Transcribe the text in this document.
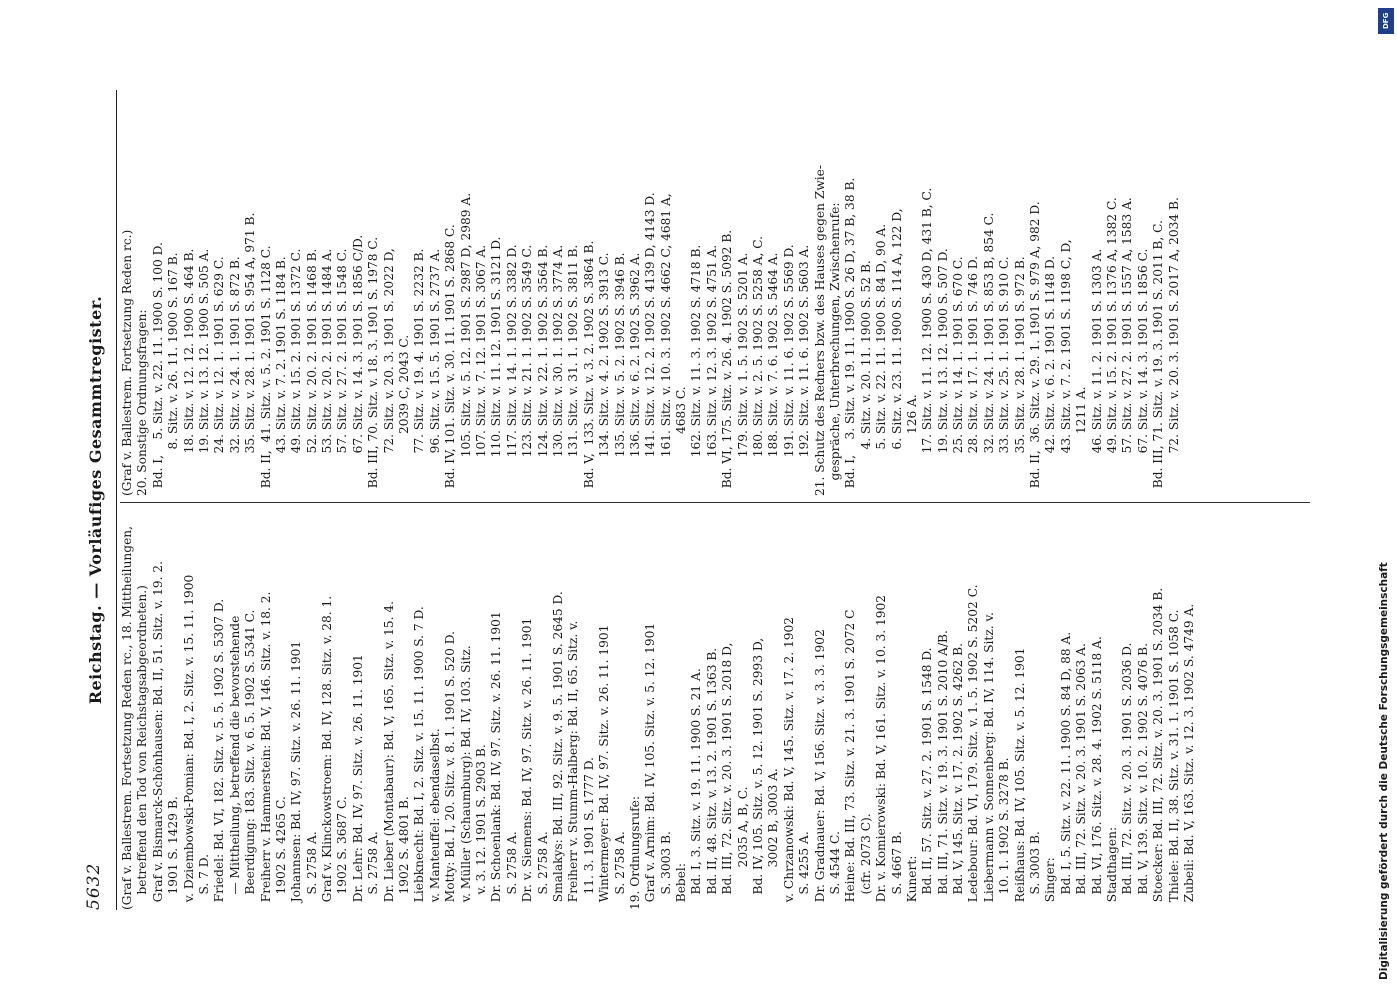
5632
Reichstag. — Vorläufiges Gesammtregister.
(Graf v. Ballestrem. Fortsetzung Reden rc., 18. Mittheilungen, betreffend den Tod von Reichstagsabgeordneten.) Graf v. Bismarck-Schönhausen: Bd. II, 51. Sitz. v. 19. 2. 1901 S. 1429 B. v. Dziembowski-Pomian: Bd. I, 2. Sitz. v. 15. 11. 1900 S. 7 D. Friedel: Bd. VI, 182. Sitz. v. 5. 5. 1902 S. 5307 D. — Mittheilung, betreffend die bevorstehende Beerdigung: 183. Sitz. v. 6. 5. 1902 S. 5341 C. Freiherr v. Hammerstein: Bd. V, 146. Sitz. v. 18. 2. 1902 S. 4265 C. Johannsen: Bd. IV, 97. Sitz. v. 26. 11. 1901 S. 2758 A. Graf v. Klinckowstroem: Bd. IV, 128. Sitz. v. 28. 1. 1902 S. 3687 C. Dr. Lehr: Bd. IV, 97. Sitz. v. 26. 11. 1901 S. 2758 A. Dr. Lieber (Montabaur): Bd. V, 165. Sitz. v. 15. 4. 1902 S. 4801 B. Liebknecht: Bd. I, 2. Sitz. v. 15. 11. 1900 S. 7 D. v. Manteuffel: ebendaselbst. Motty: Bd. I, 20. Sitz. v. 8. 1. 1901 S. 520 D. v. Müller (Schaumburg): Bd. IV, 103. Sitz. v. 3. 12. 1901 S. 2903 B. Dr. Schoenlank: Bd. IV, 97. Sitz. v. 26. 11. 1901 S. 2758 A. Dr. v. Siemens: Bd. IV, 97. Sitz. v. 26. 11. 1901 S. 2758 A. Smalakys: Bd. III, 92. Sitz. v. 9. 5. 1901 S. 2645 D. Freiherr v. Stumm-Halberg: Bd. II, 65. Sitz. v. 11. 3. 1901 S. 1777 D. Wintermeyer: Bd. IV, 97. Sitz. v. 26. 11. 1901 S. 2758 A. 19. Ordnungsrufe: Graf v. Arnim: Bd. IV, 105. Sitz. v. 5. 12. 1901 S. 3003 B. Bebel: Bd. I, 3. Sitz. v. 19. 11. 1900 S. 21 A. Bd. II, 48. Sitz. v. 13. 2. 1901 S. 1363 B. Bd. III, 72. Sitz. v. 20. 3. 1901 S. 2018 D, 2035 A, B, C. Bd. IV, 105. Sitz. v. 5. 12. 1901 S. 2993 D, 3002 B, 3003 A. v. Chrzanowski: Bd. V, 145. Sitz. v. 17. 2. 1902 S. 4255 A. Dr. Gradnauer: Bd. V, 156. Sitz. v. 3. 3. 1902 S. 4544 C. Heine: Bd. III, 73. Sitz. v. 21. 3. 1901 S. 2072 C (cfr. 2073 C). Dr. v. Komierowski: Bd. V, 161. Sitz. v. 10. 3. 1902 S. 4667 B. Kunert: Bd. II, 57. Sitz. v. 27. 2. 1901 S. 1548 D. Bd. III, 71. Sitz. v. 19. 3. 1901 S. 2010 A/B. Bd. V, 145. Sitz. v. 17. 2. 1902 S. 4262 B. Ledebour: Bd. VI, 179. Sitz. v. 1. 5. 1902 S. 5202 C. Liebermann v. Sonnenberg: Bd. IV, 114. Sitz. v. 10. 1. 1902 S. 3278 B. Reißhaus: Bd. IV, 105. Sitz. v. 5. 12. 1901 S. 3003 B. Singer: Bd. I, 5. Sitz. v. 22. 11. 1900 S. 84 D, 88 A. Bd. III, 72. Sitz. v. 20. 3. 1901 S. 2063 A. Bd. VI, 176. Sitz. v. 28. 4. 1902 S. 5118 A. Stadthagen: Bd. III, 72. Sitz. v. 20. 3. 1901 S. 2036 D. Bd. V, 139. Sitz. v. 10. 2. 1902 S. 4076 B. Stoecker: Bd. III, 72. Sitz. v. 20. 3. 1901 S. 2034 B. Thiele: Bd. II, 38. Sitz. v. 31. 1. 1901 S. 1058 C. Zubeil: Bd. V, 163. Sitz. v. 12. 3. 1902 S. 4749 A.
(Graf v. Ballestrem. Fortsetzung Reden rc.) 20. Sonstige Ordnungsfragen: Bd. I,    5. Sitz. v. 22. 11. 1900 S. 100 D. 8. Sitz. v. 26. 11. 1900 S. 167 B. 18. Sitz. v. 12. 12. 1900 S. 464 B. 19. Sitz. v. 13. 12. 1900 S. 505 A. 24. Sitz. v. 12. 1. 1901 S. 629 C. 32. Sitz. v. 24. 1. 1901 S. 872 B. 35. Sitz. v. 28. 1. 1901 S. 954 A, 971 B. Bd. II,  41. Sitz. v. 5. 2. 1901 S. 1128 C. 43. Sitz. v. 7. 2. 1901 S. 1184 B. 49. Sitz. v. 15. 2. 1901 S. 1372 C. 52. Sitz. v. 20. 2. 1901 S. 1468 B. 53. Sitz. v. 20. 2. 1901 S. 1484 A. 57. Sitz. v. 27. 2. 1901 S. 1548 C. 67. Sitz. v. 14. 3. 1901 S. 1856 C/D. Bd. III, 70. Sitz. v. 18. 3. 1901 S. 1978 C. 72. Sitz. v. 20. 3. 1901 S. 2022 D, 2039 C, 2043 C. 77. Sitz. v. 19. 4. 1901 S. 2232 B. 96. Sitz. v. 15. 5. 1901 S. 2737 A. Bd. IV, 101. Sitz. v. 30. 11. 1901 S. 2868 C. 105. Sitz. v. 5. 12. 1901 S. 2987 D, 2989 A. 107. Sitz. v. 7. 12. 1901 S. 3067 A. 110. Sitz. v. 11. 12. 1901 S. 3121 D. 117. Sitz. v. 14. 1. 1902 S. 3382 D. 123. Sitz. v. 21. 1. 1902 S. 3549 C. 124. Sitz. v. 22. 1. 1902 S. 3564 B. 130. Sitz. v. 30. 1. 1902 S. 3774 A. 131. Sitz. v. 31. 1. 1902 S. 3811 B. Bd. V,  133. Sitz. v. 3. 2. 1902 S. 3864 B. 134. Sitz. v. 4. 2. 1902 S. 3913 C. 135. Sitz. v. 5. 2. 1902 S. 3946 B. 136. Sitz. v. 6. 2. 1902 S. 3962 A. 141. Sitz. v. 12. 2. 1902 S. 4139 D, 4143 D. 161. Sitz. v. 10. 3. 1902 S. 4662 C, 4681 A, 4683 C. 162. Sitz. v. 11. 3. 1902 S. 4718 B. 163. Sitz. v. 12. 3. 1902 S. 4751 A. Bd. VI, 175. Sitz. v. 26. 4. 1902 S. 5092 B. 179. Sitz. v. 1. 5. 1902 S. 5201 A. 180. Sitz. v. 2. 5. 1902 S. 5258 A, C. 188. Sitz. v. 7. 6. 1902 S. 5464 A. 191. Sitz. v. 11. 6. 1902 S. 5569 D. 192. Sitz. v. 11. 6. 1902 S. 5603 A. 21. Schutz des Redners bzw. des Hauses gegen Zwie- gespräche, Unterbrechungen, Zwischenrufe: Bd. I,    3. Sitz. v. 19. 11. 1900 S. 26 D, 37 B, 38 B. 4. Sitz. v. 20. 11. 1900 S. 52 B. 5. Sitz. v. 22. 11. 1900 S. 84 D, 90 A. 6. Sitz. v. 23. 11. 1900 S. 114 A, 122 D, 126 A. 17. Sitz. v. 11. 12. 1900 S. 430 D, 431 B, C. 19. Sitz. v. 13. 12. 1900 S. 507 D. 25. Sitz. v. 14. 1. 1901 S. 670 C. 28. Sitz. v. 17. 1. 1901 S. 746 D. 32. Sitz. v. 24. 1. 1901 S. 853 B, 854 C. 33. Sitz. v. 25. 1. 1901 S. 910 C. 35. Sitz. v. 28. 1. 1901 S. 972 B. Bd. II,  36. Sitz. v. 29. 1. 1901 S. 979 A, 982 D. 42. Sitz. v. 6. 2. 1901 S. 1148 D. 43. Sitz. v. 7. 2. 1901 S. 1198 C, D, 1211 A. 46. Sitz. v. 11. 2. 1901 S. 1303 A. 49. Sitz. v. 15. 2. 1901 S. 1376 A, 1382 C. 57. Sitz. v. 27. 2. 1901 S. 1557 A, 1583 A. 67. Sitz. v. 14. 3. 1901 S. 1856 C. Bd. III, 71. Sitz. v. 19. 3. 1901 S. 2011 B, C. 72. Sitz. v. 20. 3. 1901 S. 2017 A, 2034 B.
Digitalisierung gefördert durch die Deutsche Forschungsgemeinschaft
DFG
